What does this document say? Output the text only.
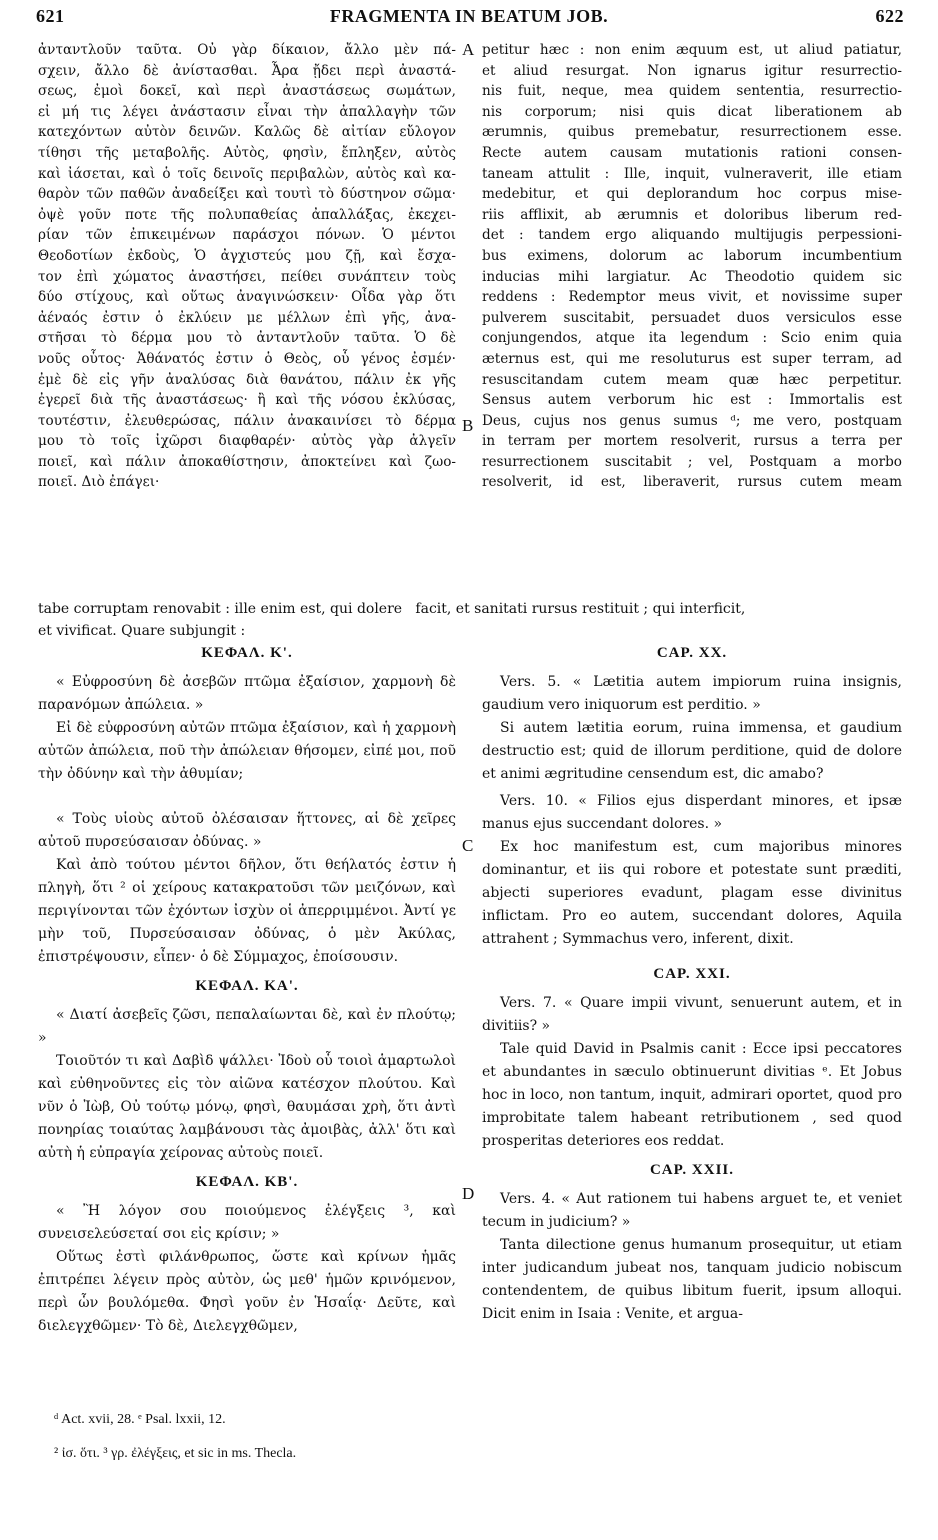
621	FRAGMENTA IN BEATUM JOB.	622
A
B
C
D
ἀνταντλοῦν ταῦτα. Οὐ γὰρ δίκαιον, ἄλλο μὲν πά-
σχειν, ἄλλο δὲ ἀνίστασθαι. Ἆρα ᾔδει περὶ ἀναστά-
σεως, ἐμοὶ δοκεῖ, καὶ περὶ ἀναστάσεως σωμάτων,
εἰ μή τις λέγει ἀνάστασιν εἶναι τὴν ἀπαλλαγὴν τῶν
κατεχόντων αὐτὸν δεινῶν. Καλῶς δὲ αἰτίαν εὔλογον
τίθησι τῆς μεταβολῆς. Αὐτὸς, φησὶν, ἔπληξεν, αὐτὸς
καὶ ἰάσεται, καὶ ὁ τοῖς δεινοῖς περιβαλὼν, αὐτὸς καὶ κα-
θαρὸν τῶν παθῶν ἀναδείξει καὶ τουτὶ τὸ δύστηνον σῶμα·
ὀψὲ γοῦν ποτε τῆς πολυπαθείας ἀπαλλάξας, ἐκεχει-
ρίαν τῶν ἐπικειμένων παράσχοι πόνων. Ὁ μέντοι
Θεοδοτίων ἐκδοὺς, Ὁ ἀγχιστεύς μου ζῇ, καὶ ἔσχα-
τον ἐπὶ χώματος ἀναστήσει, πείθει συνάπτειν τοὺς
δύο στίχους, καὶ οὕτως ἀναγινώσκειν· Οἶδα γὰρ ὅτι
ἀέναός ἐστιν ὁ ἐκλύειν με μέλλων ἐπὶ γῆς, ἀνα-
στῆσαι τὸ δέρμα μου τὸ ἀνταντλοῦν ταῦτα. Ὁ δὲ
νοῦς οὗτος· Ἀθάνατός ἐστιν ὁ Θεὸς, οὗ γένος ἐσμέν·
ἐμὲ δὲ εἰς γῆν ἀναλύσας διὰ θανάτου, πάλιν ἐκ γῆς
ἐγερεῖ διὰ τῆς ἀναστάσεως· ἢ καὶ τῆς νόσου ἐκλύσας,
τουτέστιν, ἐλευθερώσας, πάλιν ἀνακαινίσει τὸ δέρμα
μου τὸ τοῖς ἰχῶρσι διαφθαρέν· αὐτὸς γὰρ ἀλγεῖν
ποιεῖ, καὶ πάλιν ἀποκαθίστησιν, ἀποκτείνει καὶ ζωο-
ποιεῖ. Διὸ ἐπάγει·
petitur hæc : non enim æquum est, ut aliud patiatur,
et aliud resurgat. Non ignarus igitur resurrectio-
nis fuit, neque, mea quidem sententia, resurrectio-
nis corporum; nisi quis dicat liberationem ab
ærumnis, quibus premebatur, resurrectionem esse.
Recte autem causam mutationis rationi consen-
taneam attulit : Ille, inquit, vulneraverit, ille etiam
medebitur, et qui deplorandum hoc corpus mise-
riis afflixit, ab ærumnis et doloribus liberum red-
det : tandem ergo aliquando multijugis perpessioni-
bus eximens, dolorum ac laborum incumbentium
inducias mihi largiatur. Ac Theodotio quidem sic
reddens : Redemptor meus vivit, et novissime super
pulverem suscitabit, persuadet duos versiculos esse
conjungendos, atque ita legendum : Scio enim quia
æternus est, qui me resoluturus est super terram, ad
resuscitandam cutem meam quæ hæc perpetitur.
Sensus autem verborum hic est : Immortalis est
Deus, cujus nos genus sumus ᵈ; me vero, postquam
in terram per mortem resolverit, rursus a terra per
resurrectionem suscitabit ; vel, Postquam a morbo
resolverit, id est, liberaverit, rursus cutem meam
tabe corruptam renovabit : ille enim est, qui dolere   facit, et sanitati rursus restituit ; qui interficit,
et vivificat. Quare subjungit :
ΚΕΦΑΛ. Κ'.
« Εὐφροσύνη δὲ ἀσεβῶν πτῶμα ἐξαίσιον, χαρμονὴ δὲ παρανόμων ἀπώλεια. »
Εἰ δὲ εὐφροσύνη αὐτῶν πτῶμα ἐξαίσιον, καὶ ἡ χαρμονὴ αὐτῶν ἀπώλεια, ποῦ τὴν ἀπώλειαν θήσομεν, εἰπέ μοι, ποῦ τὴν ὀδύνην καὶ τὴν ἀθυμίαν;
« Τοὺς υἱοὺς αὐτοῦ ὀλέσαισαν ἥττονες, αἱ δὲ χεῖρες αὐτοῦ πυρσεύσαισαν ὀδύνας. »
Καὶ ἀπὸ τούτου μέντοι δῆλον, ὅτι θεήλατός ἐστιν ἡ πληγὴ, ὅτι ² οἱ χείρους κατακρατοῦσι τῶν μειζόνων, καὶ περιγίνονται τῶν ἐχόντων ἰσχὺν οἱ ἀπερριμμένοι. Ἀντί γε μὴν τοῦ, Πυρσεύσαισαν ὀδύνας, ὁ μὲν Ἀκύλας, ἐπιστρέψουσιν, εἶπεν· ὁ δὲ Σύμμαχος, ἐποίσουσιν.
ΚΕΦΑΛ. ΚΑ'.
« Διατί ἀσεβεῖς ζῶσι, πεπαλαίωνται δὲ, καὶ ἐν πλούτῳ; »
Τοιοῦτόν τι καὶ Δαβὶδ ψάλλει· Ἰδοὺ οὗ τοιοὶ ἁμαρτωλοὶ καὶ εὐθηνοῦντες εἰς τὸν αἰῶνα κατέσχον πλούτου. Καὶ νῦν ὁ Ἰὼβ, Οὐ τούτῳ μόνῳ, φησὶ, θαυμάσαι χρὴ, ὅτι ἀντὶ πονηρίας τοιαύτας λαμβάνουσι τὰς ἀμοιβὰς, ἀλλ' ὅτι καὶ αὐτὴ ἡ εὐπραγία χείρονας αὐτοὺς ποιεῖ.
ΚΕΦΑΛ. ΚΒ'.
« Ἢ λόγον σου ποιούμενος ἐλέγξεις ³, καὶ συνεισελεύσεταί σοι εἰς κρίσιν; »
Οὕτως ἐστὶ φιλάνθρωπος, ὥστε καὶ κρίνων ἡμᾶς ἐπιτρέπει λέγειν πρὸς αὐτὸν, ὡς μεθ' ἡμῶν κρινόμενον, περὶ ὧν βουλόμεθα. Φησὶ γοῦν ἐν Ἡσαΐᾳ· Δεῦτε, καὶ διελεγχθῶμεν· Τὸ δὲ, Διελεγχθῶμεν,
CAP. XX.
Vers. 5. « Lætitia autem impiorum ruina insignis, gaudium vero iniquorum est perditio. »
Si autem lætitia eorum, ruina immensa, et gaudium destructio est; quid de illorum perditione, quid de dolore et animi ægritudine censendum est, dic amabo?
Vers. 10. « Filios ejus disperdant minores, et ipsæ manus ejus succendant dolores. »
Ex hoc manifestum est, cum majoribus minores dominantur, et iis qui robore et potestate sunt præditi, abjecti superiores evadunt, plagam esse divinitus inflictam. Pro eo autem, succendant dolores, Aquila attrahent ; Symmachus vero, inferent, dixit.
CAP. XXI.
Vers. 7. « Quare impii vivunt, senuerunt autem, et in divitiis? »
Tale quid David in Psalmis canit : Ecce ipsi peccatores et abundantes in sæculo obtinuerunt divitias ᵉ. Et Jobus hoc in loco, non tantum, inquit, admirari oportet, quod pro improbitate talem habeant retributionem , sed quod prosperitas deteriores eos reddat.
CAP. XXII.
Vers. 4. « Aut rationem tui habens arguet te, et veniet tecum in judicium? »
Tanta dilectione genus humanum prosequitur, ut etiam inter judicandum jubeat nos, tanquam judicio nobiscum contendentem, de quibus libitum fuerit, ipsum alloqui. Dicit enim in Isaia : Venite, et argua-
ᵈ Act. xvii, 28. ᵉ Psal. lxxii, 12.
² ἰσ. ὅτι. ³ γρ. ἐλέγξεις, et sic in ms. Thecla.
